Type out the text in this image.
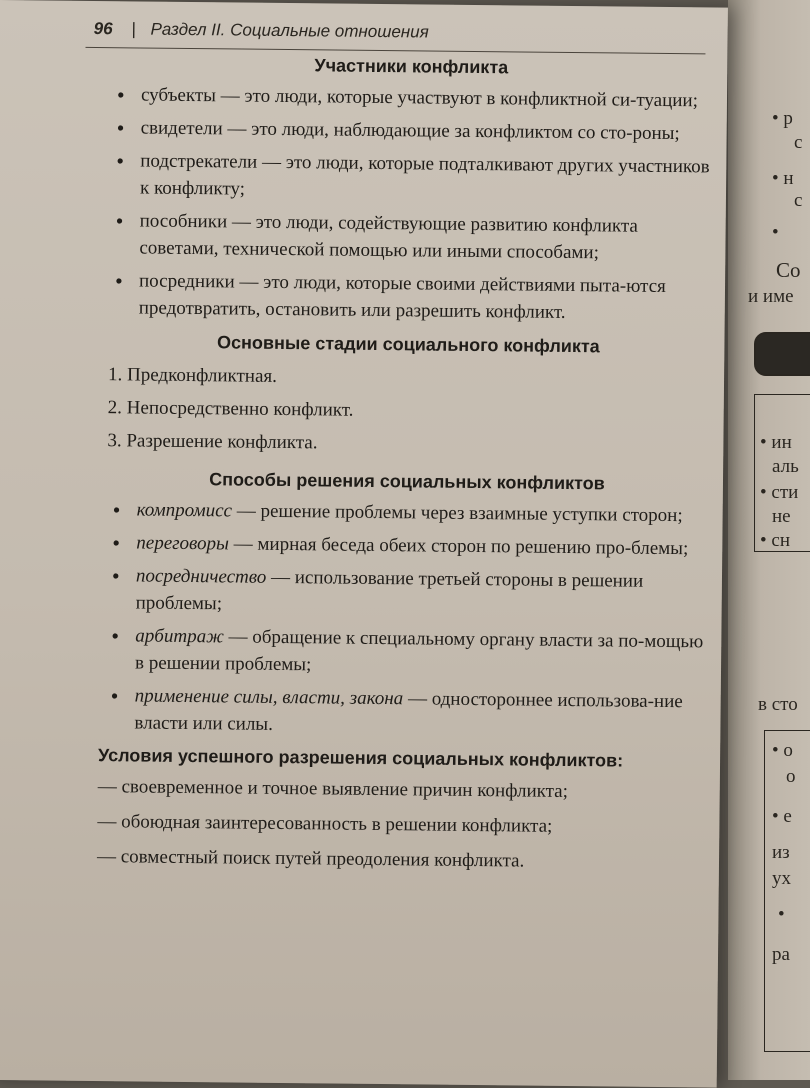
• р
с
• н
с
•
Со
и име
• ин
аль
• сти
не
• сн
в сто
• о
о
• е
из
ух
•
ра
96 | Раздел II. Социальные отношения
Участники конфликта
• субъекты — это люди, которые участвуют в конфликтной си-туации;
• свидетели — это люди, наблюдающие за конфликтом со сто-роны;
• подстрекатели — это люди, которые подталкивают других участников к конфликту;
• пособники — это люди, содействующие развитию конфликта советами, технической помощью или иными способами;
• посредники — это люди, которые своими действиями пыта-ются предотвратить, остановить или разрешить конфликт.
Основные стадии социального конфликта
1. Предконфликтная.
2. Непосредственно конфликт.
3. Разрешение конфликта.
Способы решения социальных конфликтов
• компромисс — решение проблемы через взаимные уступки сторон;
• переговоры — мирная беседа обеих сторон по решению про-блемы;
• посредничество — использование третьей стороны в решении проблемы;
• арбитраж — обращение к специальному органу власти за по-мощью в решении проблемы;
• применение силы, власти, закона — одностороннее использова-ние власти или силы.
Условия успешного разрешения социальных конфликтов:
— своевременное и точное выявление причин конфликта;
— обоюдная заинтересованность в решении конфликта;
— совместный поиск путей преодоления конфликта.
